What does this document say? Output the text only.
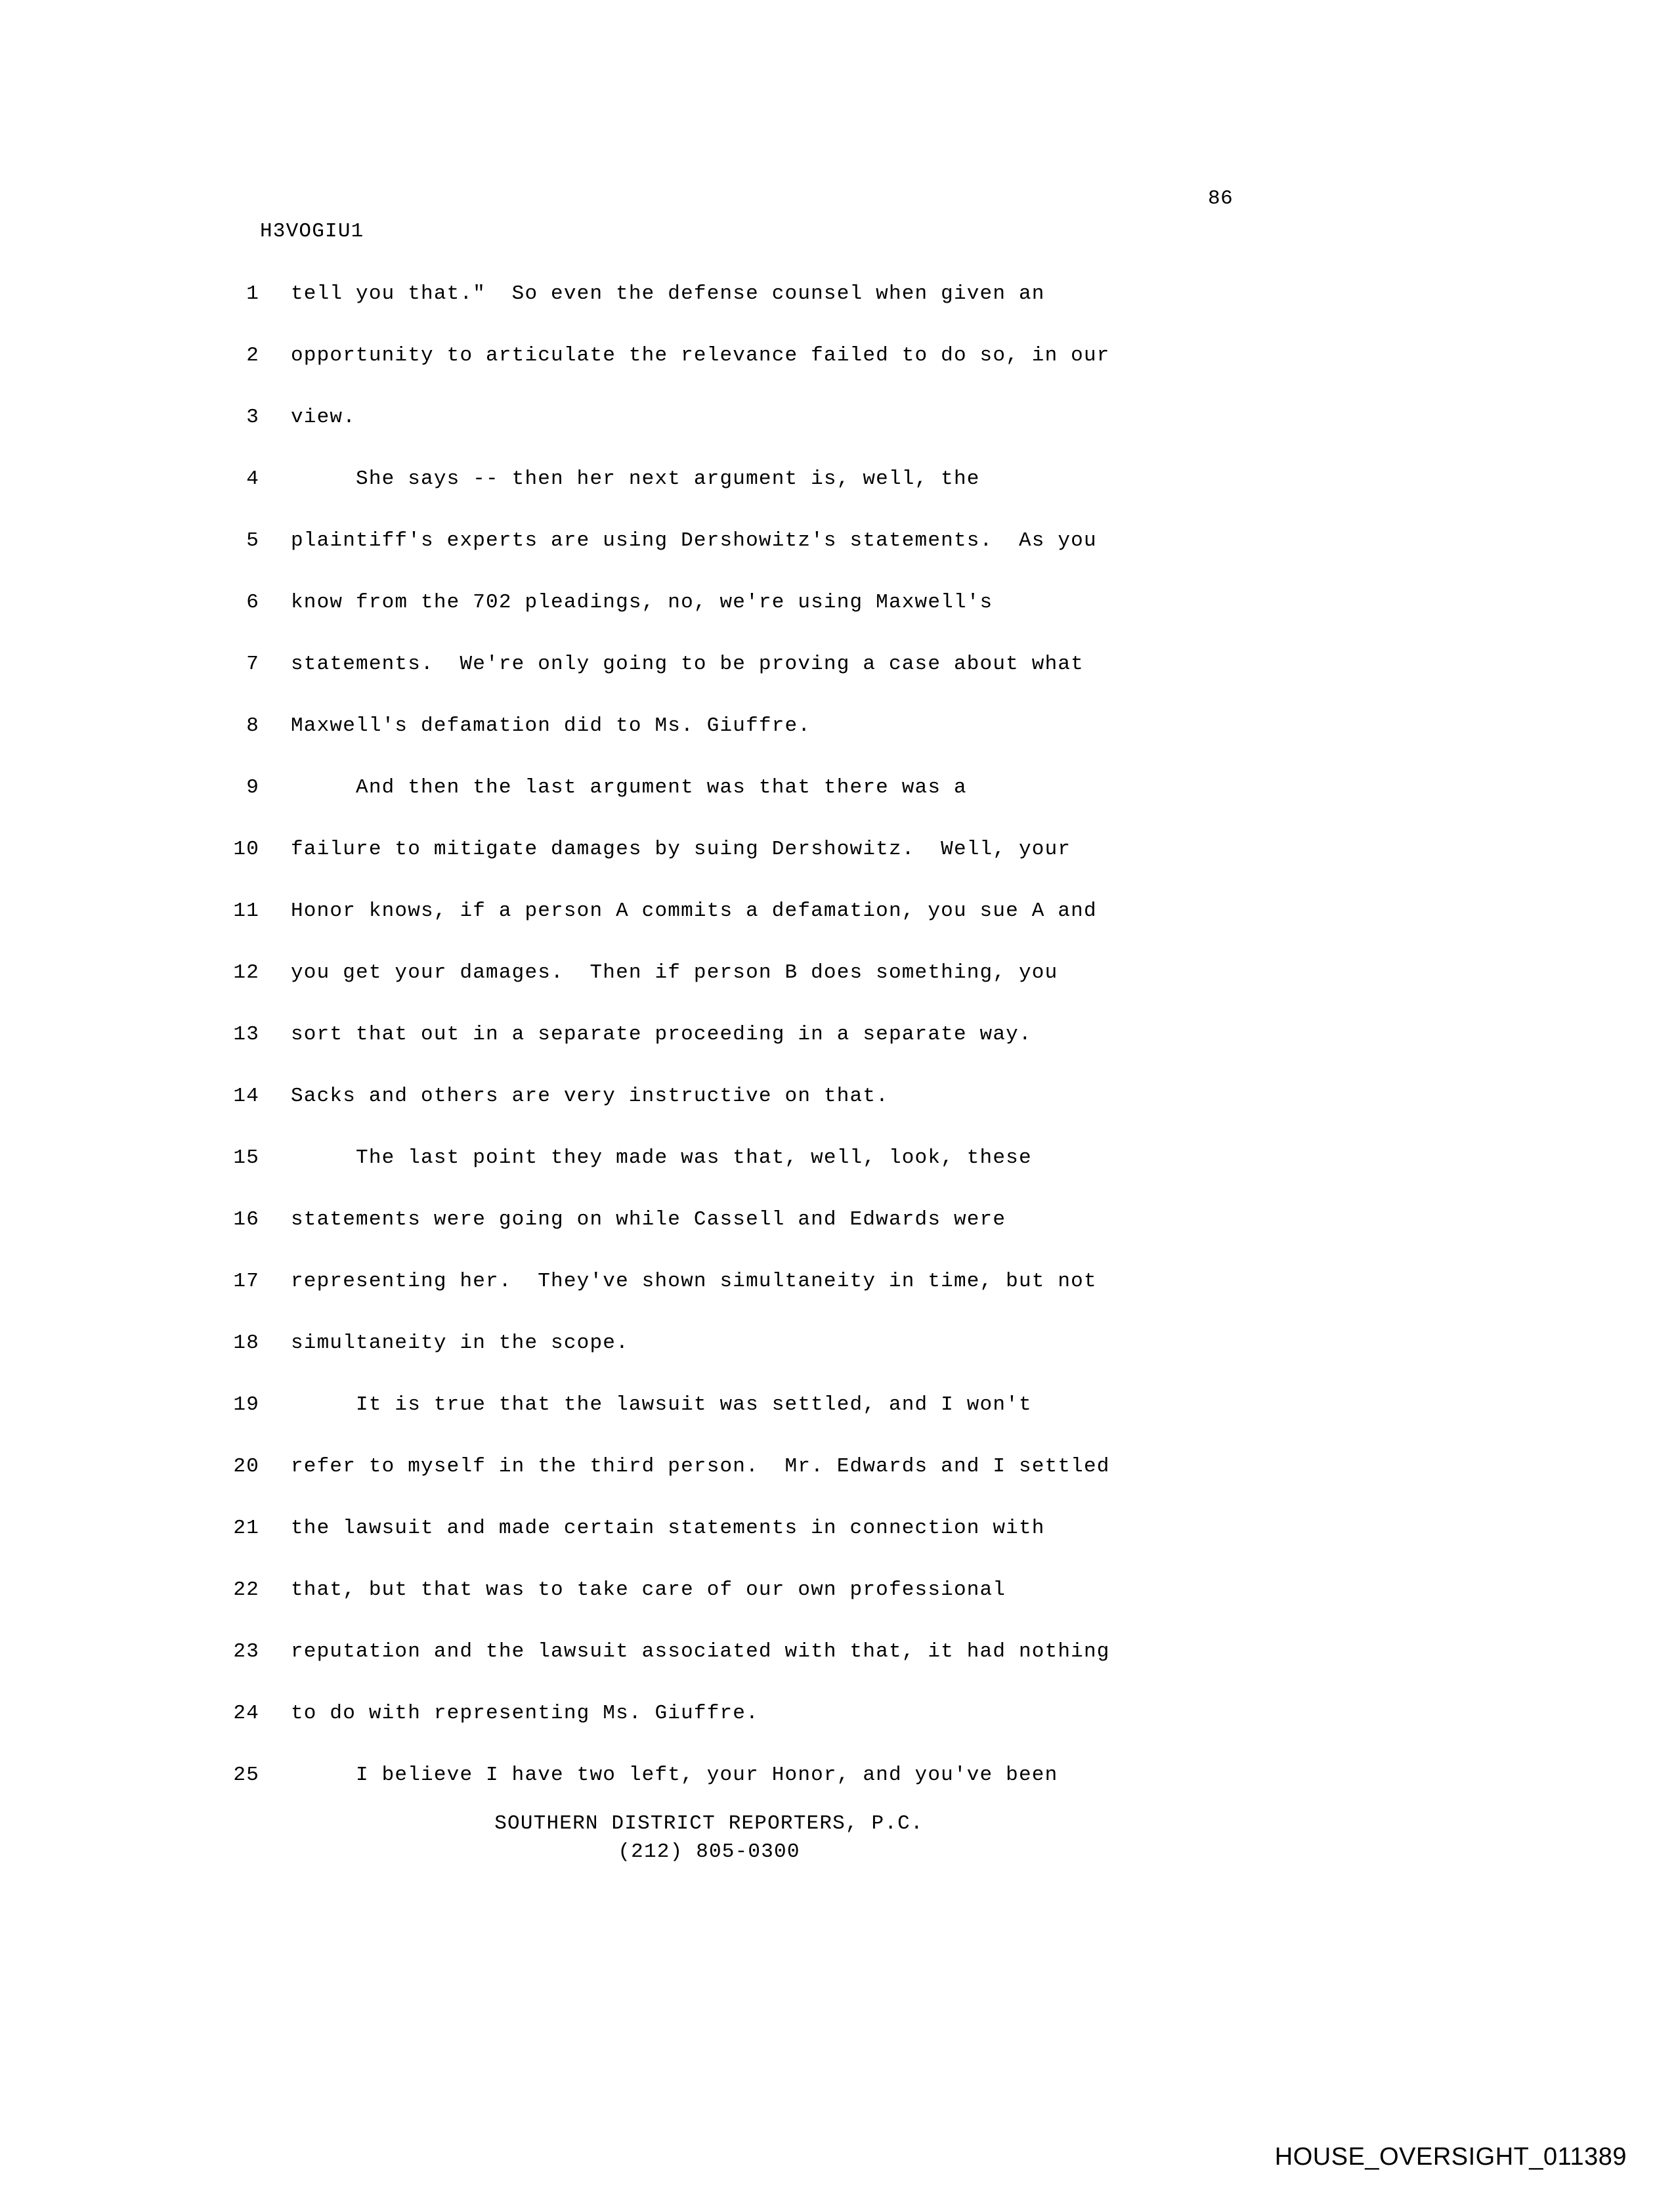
86
H3VOGIU1
1	tell you that."  So even the defense counsel when given an
2	opportunity to articulate the relevance failed to do so, in our
3	view.
4	She says -- then her next argument is, well, the
5	plaintiff's experts are using Dershowitz's statements.  As you
6	know from the 702 pleadings, no, we're using Maxwell's
7	statements.  We're only going to be proving a case about what
8	Maxwell's defamation did to Ms. Giuffre.
9	And then the last argument was that there was a
10	failure to mitigate damages by suing Dershowitz.  Well, your
11	Honor knows, if a person A commits a defamation, you sue A and
12	you get your damages.  Then if person B does something, you
13	sort that out in a separate proceeding in a separate way.
14	Sacks and others are very instructive on that.
15	The last point they made was that, well, look, these
16	statements were going on while Cassell and Edwards were
17	representing her.  They've shown simultaneity in time, but not
18	simultaneity in the scope.
19	It is true that the lawsuit was settled, and I won't
20	refer to myself in the third person.  Mr. Edwards and I settled
21	the lawsuit and made certain statements in connection with
22	that, but that was to take care of our own professional
23	reputation and the lawsuit associated with that, it had nothing
24	to do with representing Ms. Giuffre.
25	I believe I have two left, your Honor, and you've been
SOUTHERN DISTRICT REPORTERS, P.C.
(212) 805-0300
HOUSE_OVERSIGHT_011389
